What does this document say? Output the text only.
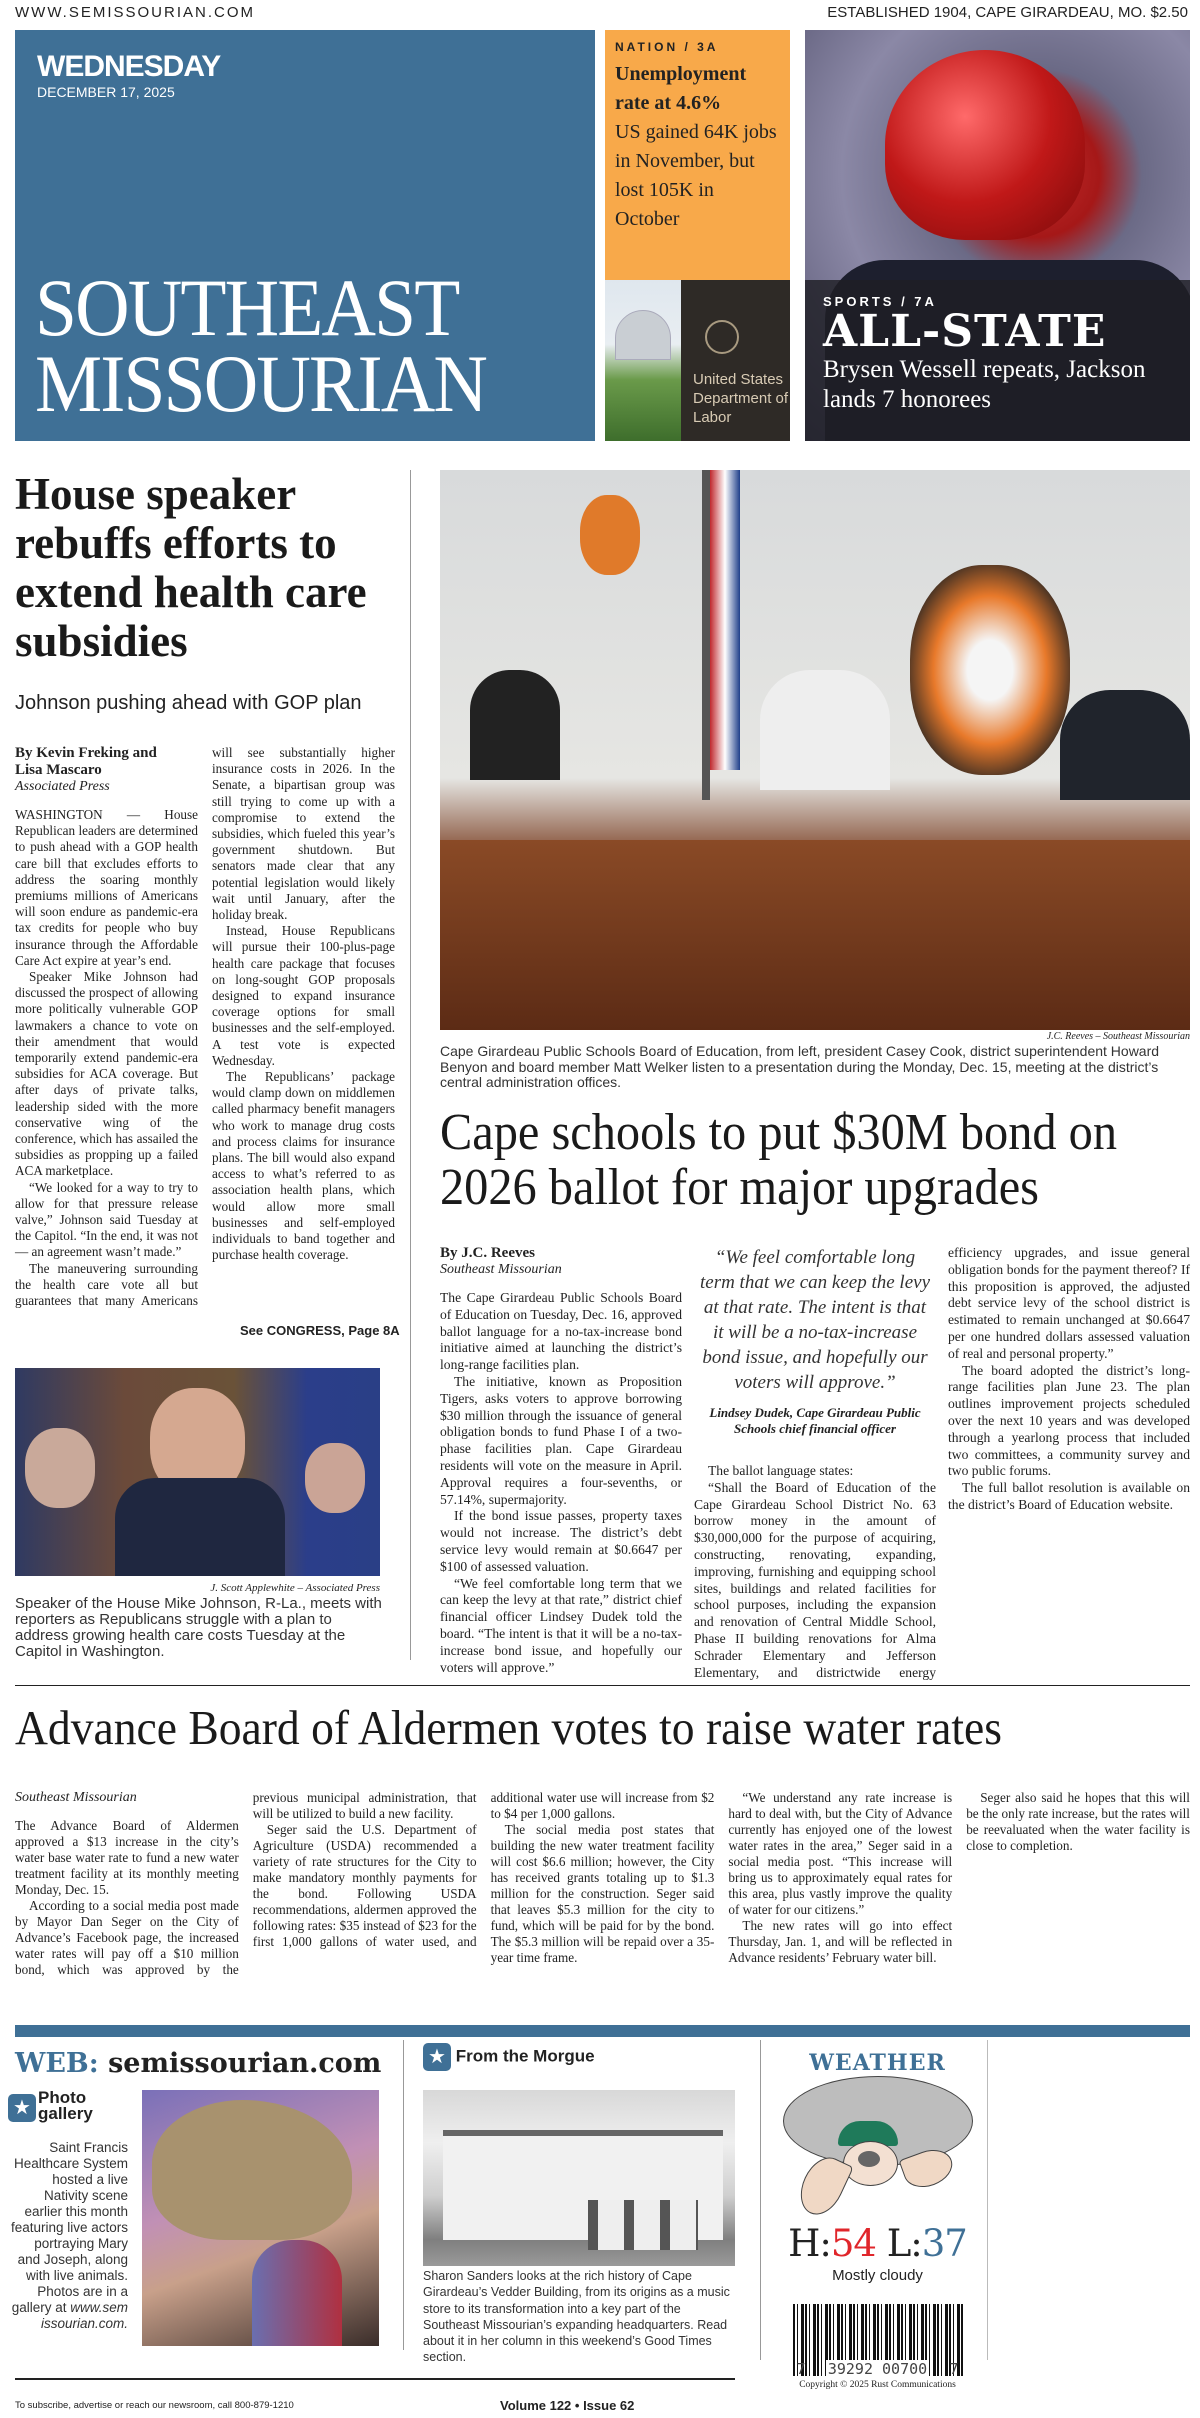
WWW.SEMISSOURIAN.COM	ESTABLISHED 1904, CAPE GIRARDEAU, MO. $2.50
WEDNESDAY
DECEMBER 17, 2025
SOUTHEAST
MISSOURIAN
NATION / 3A
Unemployment rate at 4.6%
US gained 64K jobs in November, but lost 105K in October
United States Department of Labor
SPORTS / 7A
ALL-STATE
Brysen Wessell repeats, Jackson lands 7 honorees
House speaker rebuffs efforts to extend health care subsidies
Johnson pushing ahead with GOP plan
By Kevin Freking and Lisa Mascaro
Associated Press

WASHINGTON — House Republican leaders are determined to push ahead with a GOP health care bill that excludes efforts to address the soaring monthly premiums millions of Americans will soon endure as pandemic-era tax credits for people who buy insurance through the Affordable Care Act expire at year’s end.

Speaker Mike Johnson had discussed the prospect of allowing more politically vulnerable GOP lawmakers a chance to vote on their amendment that would temporarily extend pandemic-era subsidies for ACA coverage. But after days of private talks, leadership sided with the more conservative wing of the conference, which has assailed the subsidies as propping up a failed ACA marketplace.

“We looked for a way to try to allow for that pressure release valve,” Johnson said Tuesday at the Capitol. “In the end, it was not — an agreement wasn’t made.”

The maneuvering surrounding the health care vote all but guarantees that many Americans will see substantially higher insurance costs in 2026. In the Senate, a bipartisan group was still trying to come up with a compromise to extend the subsidies, which fueled this year’s government shutdown. But senators made clear that any potential legislation would likely wait until January, after the holiday break.

Instead, House Republicans will pursue their 100-plus-page health care package that focuses on long-sought GOP proposals designed to expand insurance coverage options for small businesses and the self-employed. A test vote is expected Wednesday.

The Republicans’ package would clamp down on middlemen called pharmacy benefit managers who work to manage drug costs and process claims for insurance plans. The bill would also expand access to what’s referred to as association health plans, which would allow more small businesses and self-employed individuals to band together and purchase health coverage.

See CONGRESS, Page 8A
J. Scott Applewhite – Associated Press
Speaker of the House Mike Johnson, R-La., meets with reporters as Republicans struggle with a plan to address growing health care costs Tuesday at the Capitol in Washington.
J.C. Reeves – Southeast Missourian
Cape Girardeau Public Schools Board of Education, from left, president Casey Cook, district superintendent Howard Benyon and board member Matt Welker listen to a presentation during the Monday, Dec. 15, meeting at the district’s central administration offices.
Cape schools to put $30M bond on 2026 ballot for major upgrades
By J.C. Reeves
Southeast Missourian

The Cape Girardeau Public Schools Board of Education on Tuesday, Dec. 16, approved ballot language for a no-tax-increase bond initiative aimed at launching the district’s long-range facilities plan.

The initiative, known as Proposition Tigers, asks voters to approve borrowing $30 million through the issuance of general obligation bonds to fund Phase I of a two-phase facilities plan. Cape Girardeau residents will vote on the measure in April. Approval requires a four-sevenths, or 57.14%, supermajority.

If the bond issue passes, property taxes would not increase. The district’s debt service levy would remain at $0.6647 per $100 of assessed valuation.

“We feel comfortable long term that we can keep the levy at that rate,” district chief financial officer Lindsey Dudek told the board. “The intent is that it will be a no-tax-increase bond issue, and hopefully our voters will approve.”

“We feel comfortable long term that we can keep the levy at that rate. The intent is that it will be a no-tax-increase bond issue, and hopefully our voters will approve.”
Lindsey Dudek, Cape Girardeau Public Schools chief financial officer

The ballot language states:

“Shall the Board of Education of the Cape Girardeau School District No. 63 borrow money in the amount of $30,000,000 for the purpose of acquiring, constructing, renovating, expanding, improving, furnishing and equipping school sites, buildings and related facilities for school purposes, including the expansion and renovation of Central Middle School, Phase II building renovations for Alma Schrader Elementary and Jefferson Elementary, and districtwide energy efficiency upgrades, and issue general obligation bonds for the payment thereof? If this proposition is approved, the adjusted debt service levy of the school district is estimated to remain unchanged at $0.6647 per one hundred dollars assessed valuation of real and personal property.”

The board adopted the district’s long-range facilities plan June 23. The plan outlines improvement projects scheduled over the next 10 years and was developed through a yearlong process that included two committees, a community survey and two public forums.

The full ballot resolution is available on the district’s Board of Education website.

Advance Board of Aldermen votes to raise water rates
Southeast Missourian

The Advance Board of Aldermen approved a $13 increase in the city’s water base water rate to fund a new water treatment facility at its monthly meeting Monday, Dec. 15.

According to a social media post made by Mayor Dan Seger on the City of Advance’s Facebook page, the increased water rates will pay off a $10 million bond, which was approved by the previous municipal administration, that will be utilized to build a new facility.

Seger said the U.S. Department of Agriculture (USDA) recommended a variety of rate structures for the City to make mandatory monthly payments for the bond. Following USDA recommendations, aldermen approved the following rates: $35 instead of $23 for the first 1,000 gallons of water used, and additional water use will increase from $2 to $4 per 1,000 gallons.

The social media post states that building the new water treatment facility will cost $6.6 million; however, the City has received grants totaling up to $1.3 million for the construction. Seger said that leaves $5.3 million for the city to fund, which will be paid for by the bond. The $5.3 million will be repaid over a 35-year time frame.

“We understand any rate increase is hard to deal with, but the City of Advance currently has enjoyed one of the lowest water rates in the area,” Seger said in a social media post. “This increase will bring us to approximately equal rates for this area, plus vastly improve the quality of water for our citizens.”

The new rates will go into effect Thursday, Jan. 1, and will be reflected in Advance residents’ February water bill.

Seger also said he hopes that this will be the only rate increase, but the rates will be reevaluated when the water facility is close to completion.

WEB: semissourian.com
★ Photo gallery
Saint Francis Healthcare System hosted a live Nativity scene earlier this month featuring live actors portraying Mary and Joseph, along with live animals. Photos are in a gallery at www.semissourian.com.
★ From the Morgue
Sharon Sanders looks at the rich history of Cape Girardeau’s Vedder Building, from its origins as a music store to its transformation into a key part of the Southeast Missourian’s expanding headquarters. Read about it in her column in this weekend’s Good Times section.
WEATHER
H:54 L:37
Mostly cloudy
7 39292 00700 7
Copyright © 2025 Rust Communications
To subscribe, advertise or reach our newsroom, call 800-879-1210	Volume 122 • Issue 62
